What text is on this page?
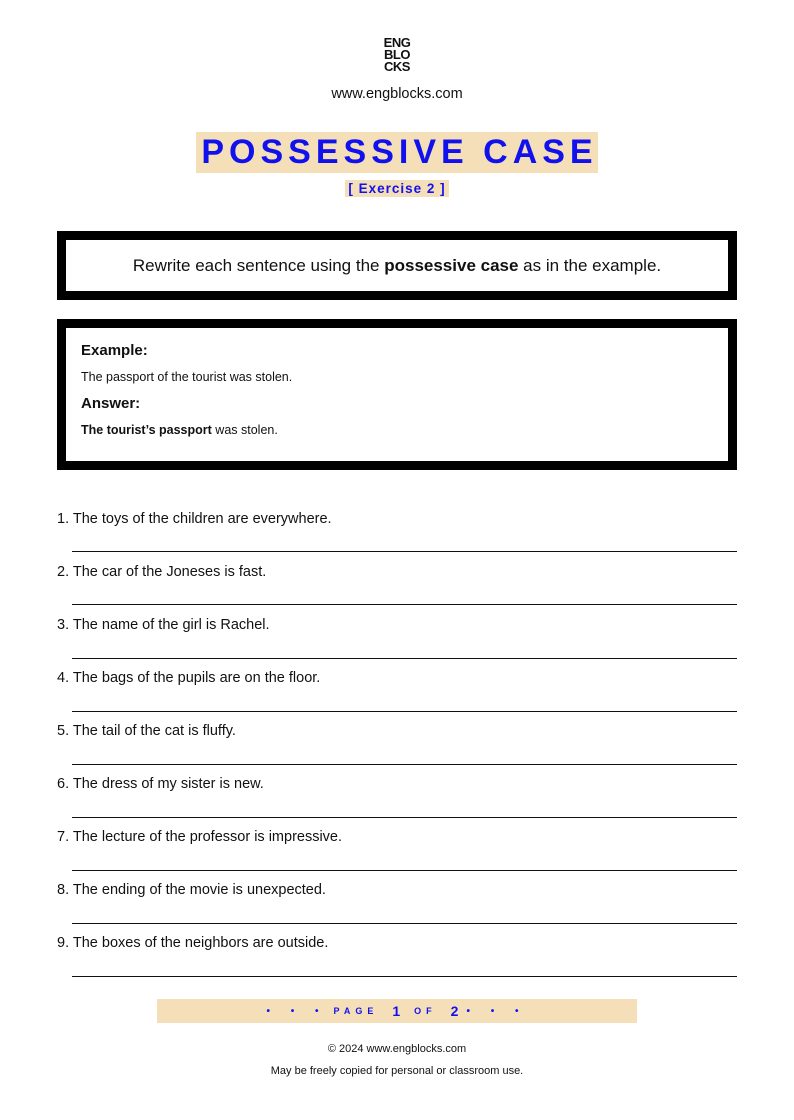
ENG
BLO
CKS
www.engblocks.com
POSSESSIVE CASE
[ Exercise 2 ]
Rewrite each sentence using the possessive case as in the example.

Example:

The passport of the tourist was stolen.

Answer:

The tourist’s passport was stolen.

1. The toys of the children are everywhere.
2. The car of the Joneses is fast.
3. The name of the girl is Rachel.
4. The bags of the pupils are on the floor.
5. The tail of the cat is fluffy.
6. The dress of my sister is new.
7. The lecture of the professor is impressive.
8. The ending of the movie is unexpected.
9. The boxes of the neighbors are outside.
• • • PAGE 1 OF 2 • • •
© 2024 www.engblocks.com
May be freely copied for personal or classroom use.
